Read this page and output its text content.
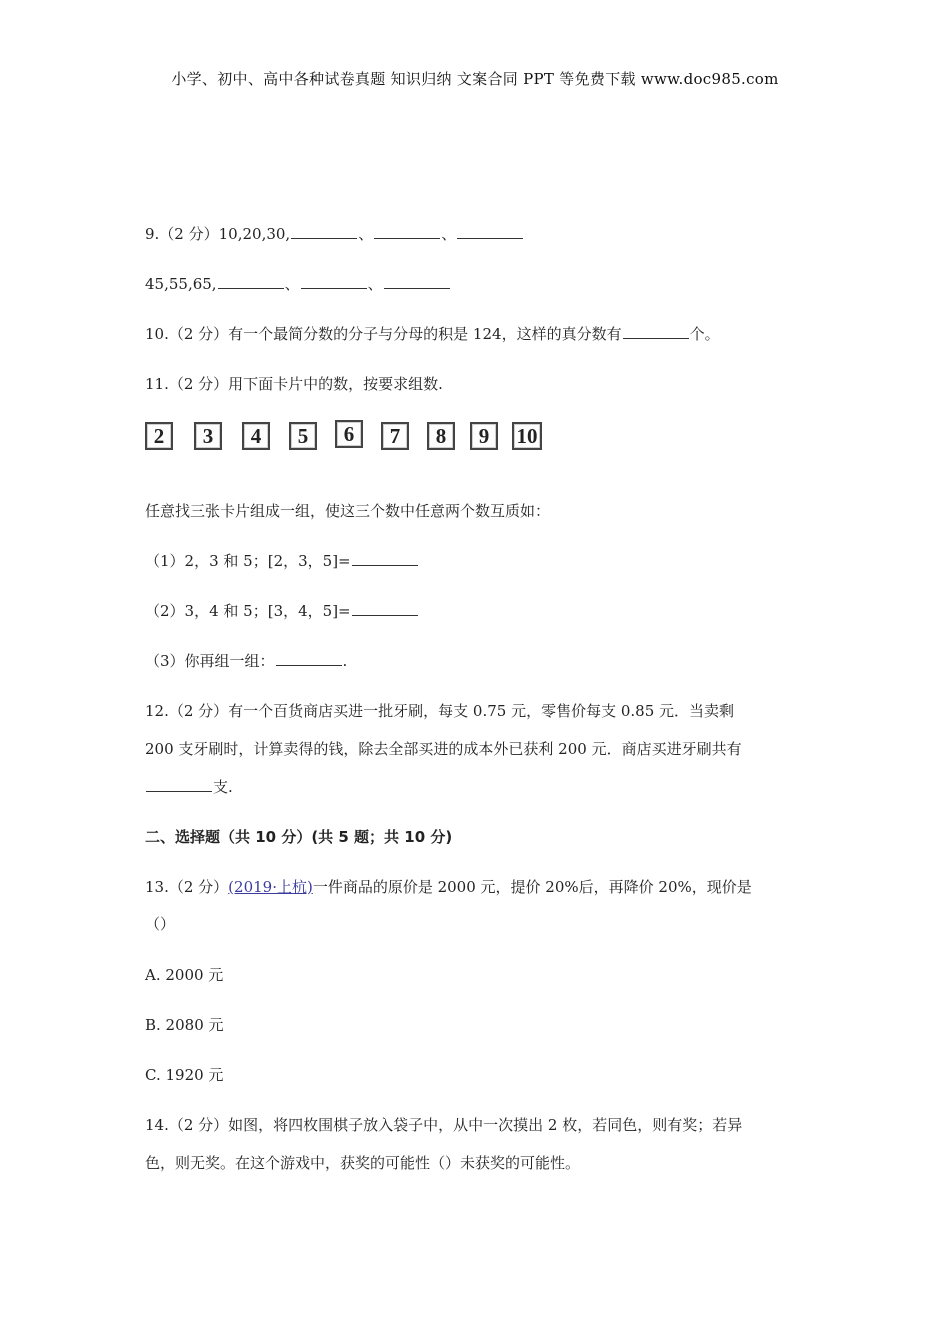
小学、初中、高中各种试卷真题 知识归纳 文案合同 PPT 等免费下载 www.doc985.com
9.（2 分）10,20,30,	、	、
45,55,65,	、	、
10.（2 分）有一个最简分数的分子与分母的积是 124，这样的真分数有	个。
11.（2 分）用下面卡片中的数，按要求组数.
2	3	4	5	6	7	8	9	10
任意找三张卡片组成一组，使这三个数中任意两个数互质如：
（1）2，3 和 5；[2，3，5]=
（2）3，4 和 5；[3，4，5]=
（3）你再组一组：	.
12.（2 分）有一个百货商店买进一批牙刷，每支 0.75 元，零售价每支 0.85 元．当卖剩
200 支牙刷时，计算卖得的钱，除去全部买进的成本外已获利 200 元．商店买进牙刷共有
支.
二、选择题（共 10 分）(共 5 题；共 10 分)
13.（2 分）(2019·上杭)一件商品的原价是 2000 元，提价 20%后，再降价 20%，现价是
（）
A. 2000 元
B. 2080 元
C. 1920 元
14.（2 分）如图，将四枚围棋子放入袋子中，从中一次摸出 2 枚，若同色，则有奖；若异
色，则无奖。在这个游戏中，获奖的可能性（）未获奖的可能性。
